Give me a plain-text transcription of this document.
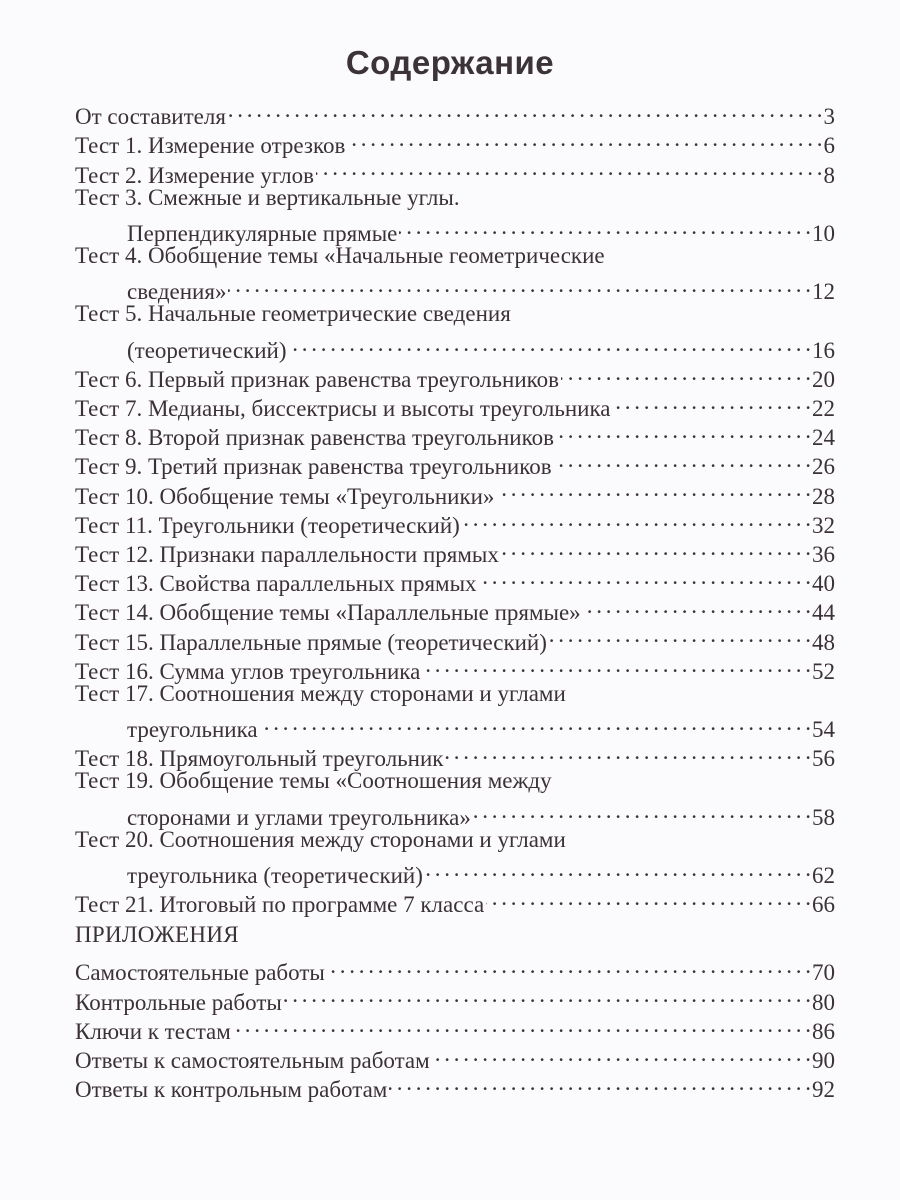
Содержание
От составителя . . .	3
Тест 1. Измерение отрезков . . .	6
Тест 2. Измерение углов . . .	8
Тест 3. Смежные и вертикальные углы.
Перпендикулярные прямые . . .	10
Тест 4. Обобщение темы «Начальные геометрические
сведения» . . .	12
Тест 5. Начальные геометрические сведения
(теоретический) . . .	16
Тест 6. Первый признак равенства треугольников . . .	20
Тест 7. Медианы, биссектрисы и высоты треугольника . . .	22
Тест 8. Второй признак равенства треугольников . . .	24
Тест 9. Третий признак равенства треугольников . . .	26
Тест 10. Обобщение темы «Треугольники» . . .	28
Тест 11. Треугольники (теоретический) . . .	32
Тест 12. Признаки параллельности прямых . . .	36
Тест 13. Свойства параллельных прямых . . .	40
Тест 14. Обобщение темы «Параллельные прямые» . . .	44
Тест 15. Параллельные прямые (теоретический) . . .	48
Тест 16. Сумма углов треугольника . . .	52
Тест 17. Соотношения между сторонами и углами
треугольника . . .	54
Тест 18. Прямоугольный треугольник . . .	56
Тест 19. Обобщение темы «Соотношения между
сторонами и углами треугольника» . . .	58
Тест 20. Соотношения между сторонами и углами
треугольника (теоретический) . . .	62
Тест 21. Итоговый по программе 7 класса . . .	66
ПРИЛОЖЕНИЯ
Самостоятельные работы . . .	70
Контрольные работы . . .	80
Ключи к тестам . . .	86
Ответы к самостоятельным работам . . .	90
Ответы к контрольным работам . . .	92
